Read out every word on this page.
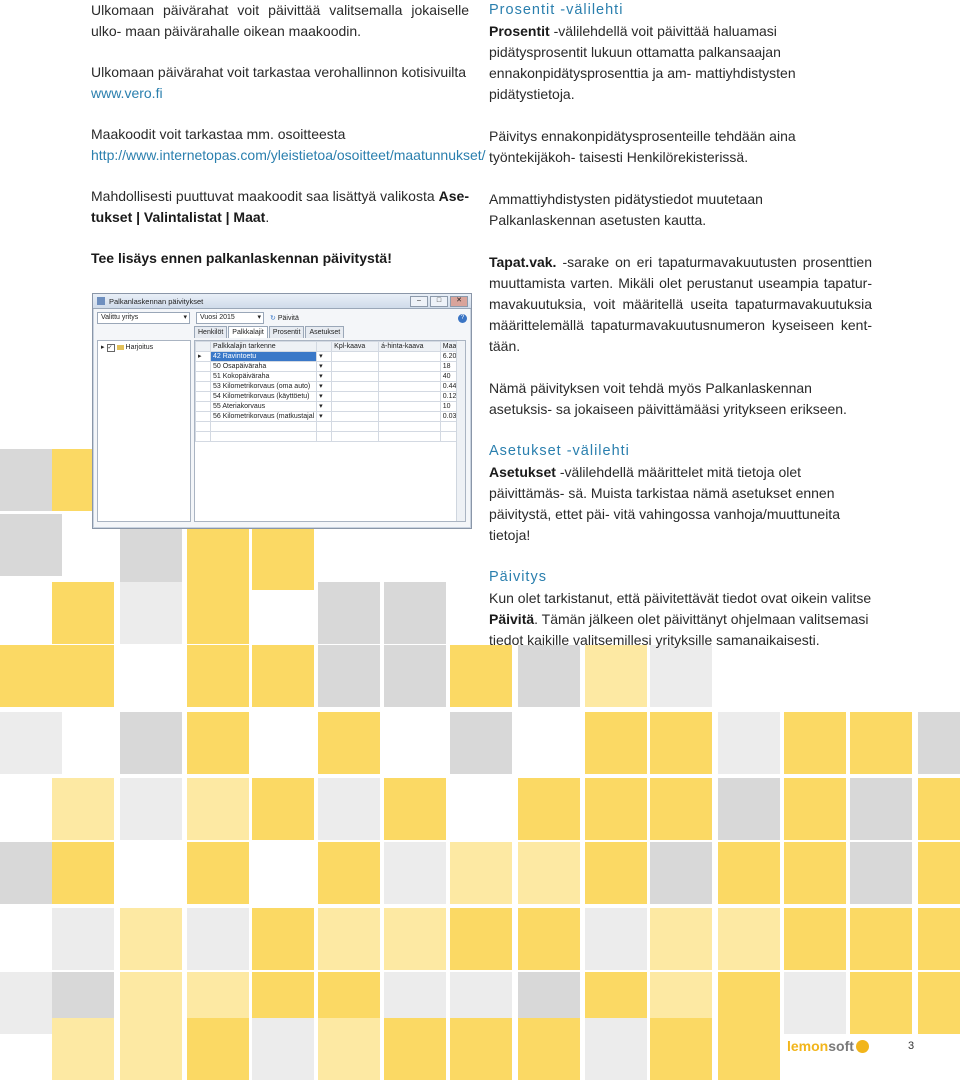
Ulkomaan päivärahat voit päivittää valitsemalla jokaiselle ulko- maan päivärahalle oikean maakoodin.

Ulkomaan päivärahat voit tarkastaa verohallinnon kotisivuilta
www.vero.fi

Maakoodit voit tarkastaa mm. osoitteesta
http://www.internetopas.com/yleistietoa/osoitteet/maatunnukset/

Mahdollisesti puuttuvat maakoodit saa lisättyä valikosta Ase- tukset | Valintalistat | Maat.

Tee lisäys ennen palkanlaskennan päivitystä!

Palkanlaskennan päivitykset	–	□	✕
Valittu yritys	▾	Vuosi 2015	▾ ↻ Päivitä	?
Henkilöt	Palkkalajit	Prosentit	Asetukset
▸ ✓ Harjoitus
		Palkkalajin tarkenne		Kpl-kaava	á-hinta-kaava	Maa
▸	42 Ravintoetu	▾			6.20
	50 Osapäiväraha	▾			18
	51 Kokopäiväraha	▾			40
	53 Kilometrikorvaus (oma auto)	▾			0.44
	54 Kilometrikorvaus (käyttöetu)	▾			0.12
	55 Ateriakorvaus	▾			10
	56 Kilometrikorvaus (matkustajal	▾			0.03

Prosentit -välilehti

Prosentit -välilehdellä voit päivittää haluamasi pidätysprosentit lukuun ottamatta palkansaajan ennakonpidätysprosenttia ja am- mattiyhdistysten pidätystietoja.

Päivitys ennakonpidätysprosenteille tehdään aina työntekijäkoh- taisesti Henkilörekisterissä.

Ammattiyhdistysten pidätystiedot muutetaan Palkanlaskennan asetusten kautta.

Tapat.vak. -sarake on eri tapaturmavakuutusten prosenttien muuttamista varten. Mikäli olet perustanut useampia tapatur- mavakuutuksia, voit määritellä useita tapaturmavakuutuksia määrittelemällä tapaturmavakuutusnumeron kyseiseen kent- tään.

Nämä päivityksen voit tehdä myös Palkanlaskennan asetuksis- sa jokaiseen päivittämääsi yritykseen erikseen.

Asetukset -välilehti

Asetukset -välilehdellä määrittelet mitä tietoja olet päivittämäs- sä. Muista tarkistaa nämä asetukset ennen päivitystä, ettet päi- vitä vahingossa vanhoja/muuttuneita tietoja!

Päivitys

Kun olet tarkistanut, että päivitettävät tiedot ovat oikein valitse Päivitä. Tämän jälkeen olet päivittänyt ohjelmaan valitsemasi tiedot kaikille valitsemillesi yrityksille samanaikaisesti.

lemon soft	3
